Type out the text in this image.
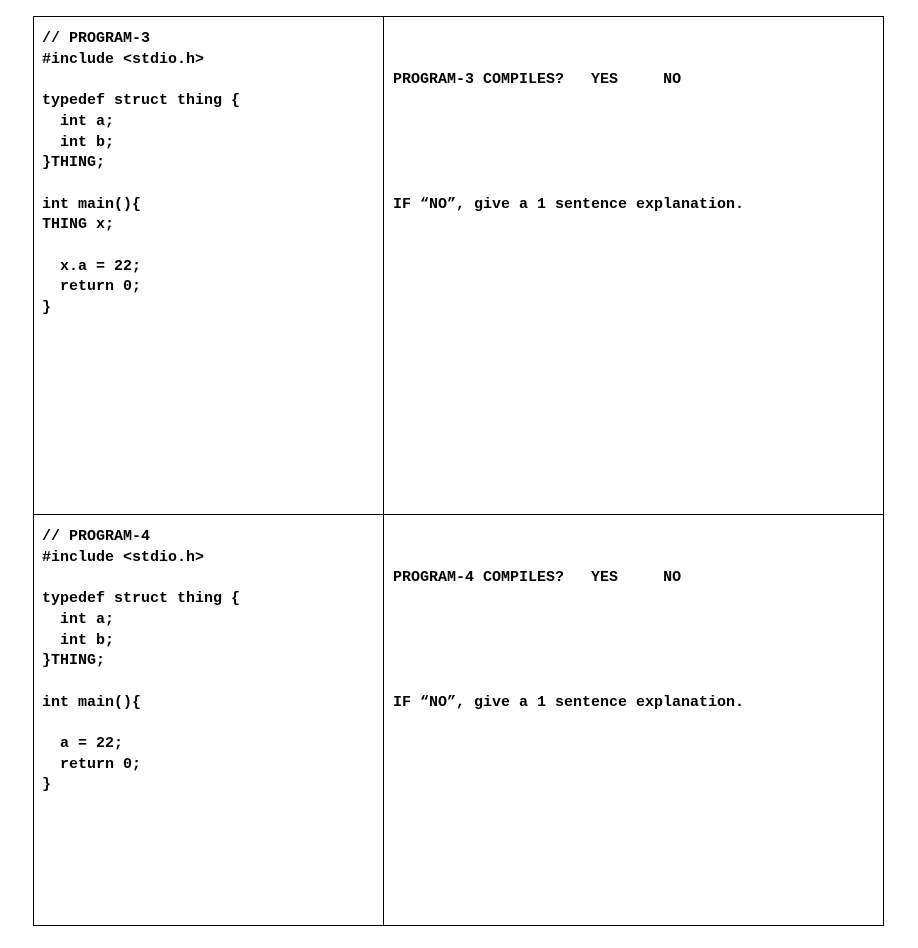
// PROGRAM-3
#include <stdio.h>

typedef struct thing {
int a;
int b;
}THING;

int main(){
THING x;

x.a = 22;
return 0;
}

PROGRAM-3 COMPILES? YES	NO

IF “NO”, give a 1 sentence explanation.

// PROGRAM-4
#include <stdio.h>

typedef struct thing {
int a;
int b;
}THING;

int main(){

a = 22;
return 0;
}

PROGRAM-4 COMPILES? YES	NO

IF “NO”, give a 1 sentence explanation.
